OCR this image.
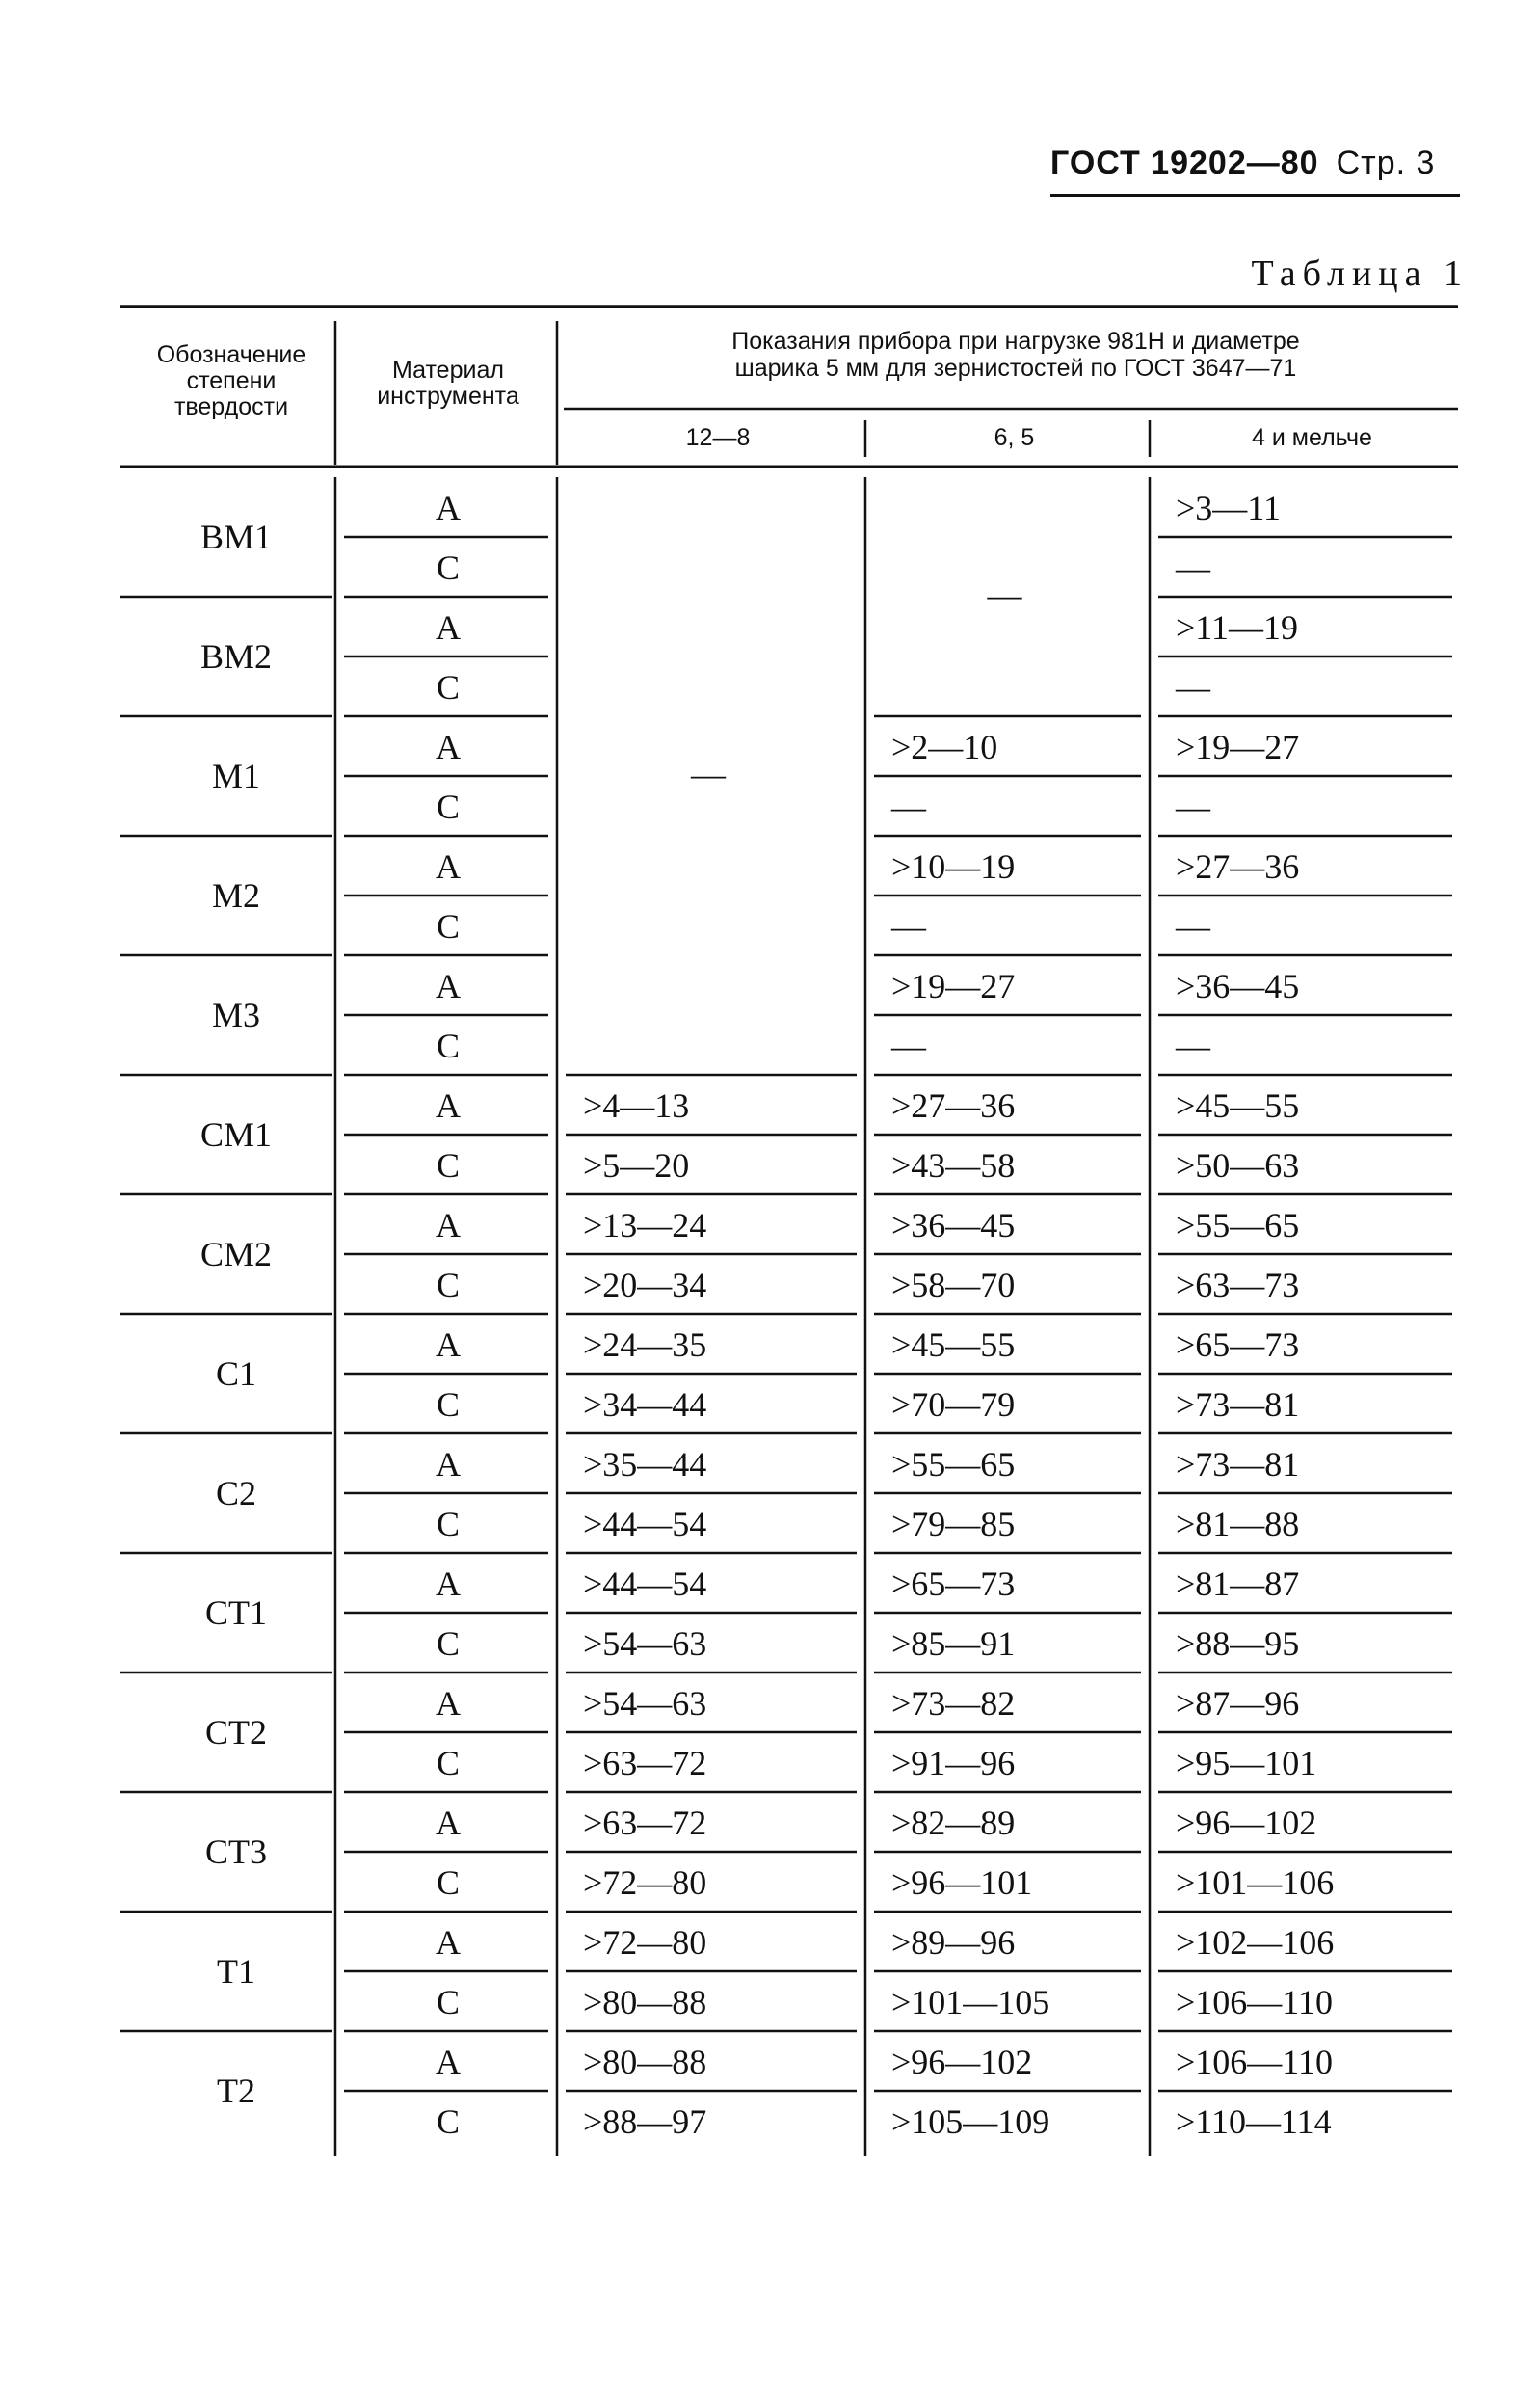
ГОСТ 19202—80 Стр. 3
Таблица 1
Обозначение
степени
твердости
Материал
инструмента
Показания прибора при нагрузке 981Н и диаметре
шарика 5 мм для зернистостей по ГОСТ 3647—71
12—8	6, 5	4 и мельче
ВМ1
А
С
>3—11
—
ВМ2
А
С
>11—19
—
М1
А
С
>2—10
—
>19—27
—
М2
А
С
>10—19
—
>27—36
—
М3
А
С
>19—27
—
>36—45
—
СМ1
А
С
>4—13
>5—20
>27—36
>43—58
>45—55
>50—63
СМ2
А
С
>13—24
>20—34
>36—45
>58—70
>55—65
>63—73
С1
А
С
>24—35
>34—44
>45—55
>70—79
>65—73
>73—81
С2
А
С
>35—44
>44—54
>55—65
>79—85
>73—81
>81—88
СТ1
А
С
>44—54
>54—63
>65—73
>85—91
>81—87
>88—95
СТ2
А
С
>54—63
>63—72
>73—82
>91—96
>87—96
>95—101
СТ3
А
С
>63—72
>72—80
>82—89
>96—101
>96—102
>101—106
Т1
А
С
>72—80
>80—88
>89—96
>101—105
>102—106
>106—110
Т2
А
С
>80—88
>88—97
>96—102
>105—109
>106—110
>110—114
—
—
